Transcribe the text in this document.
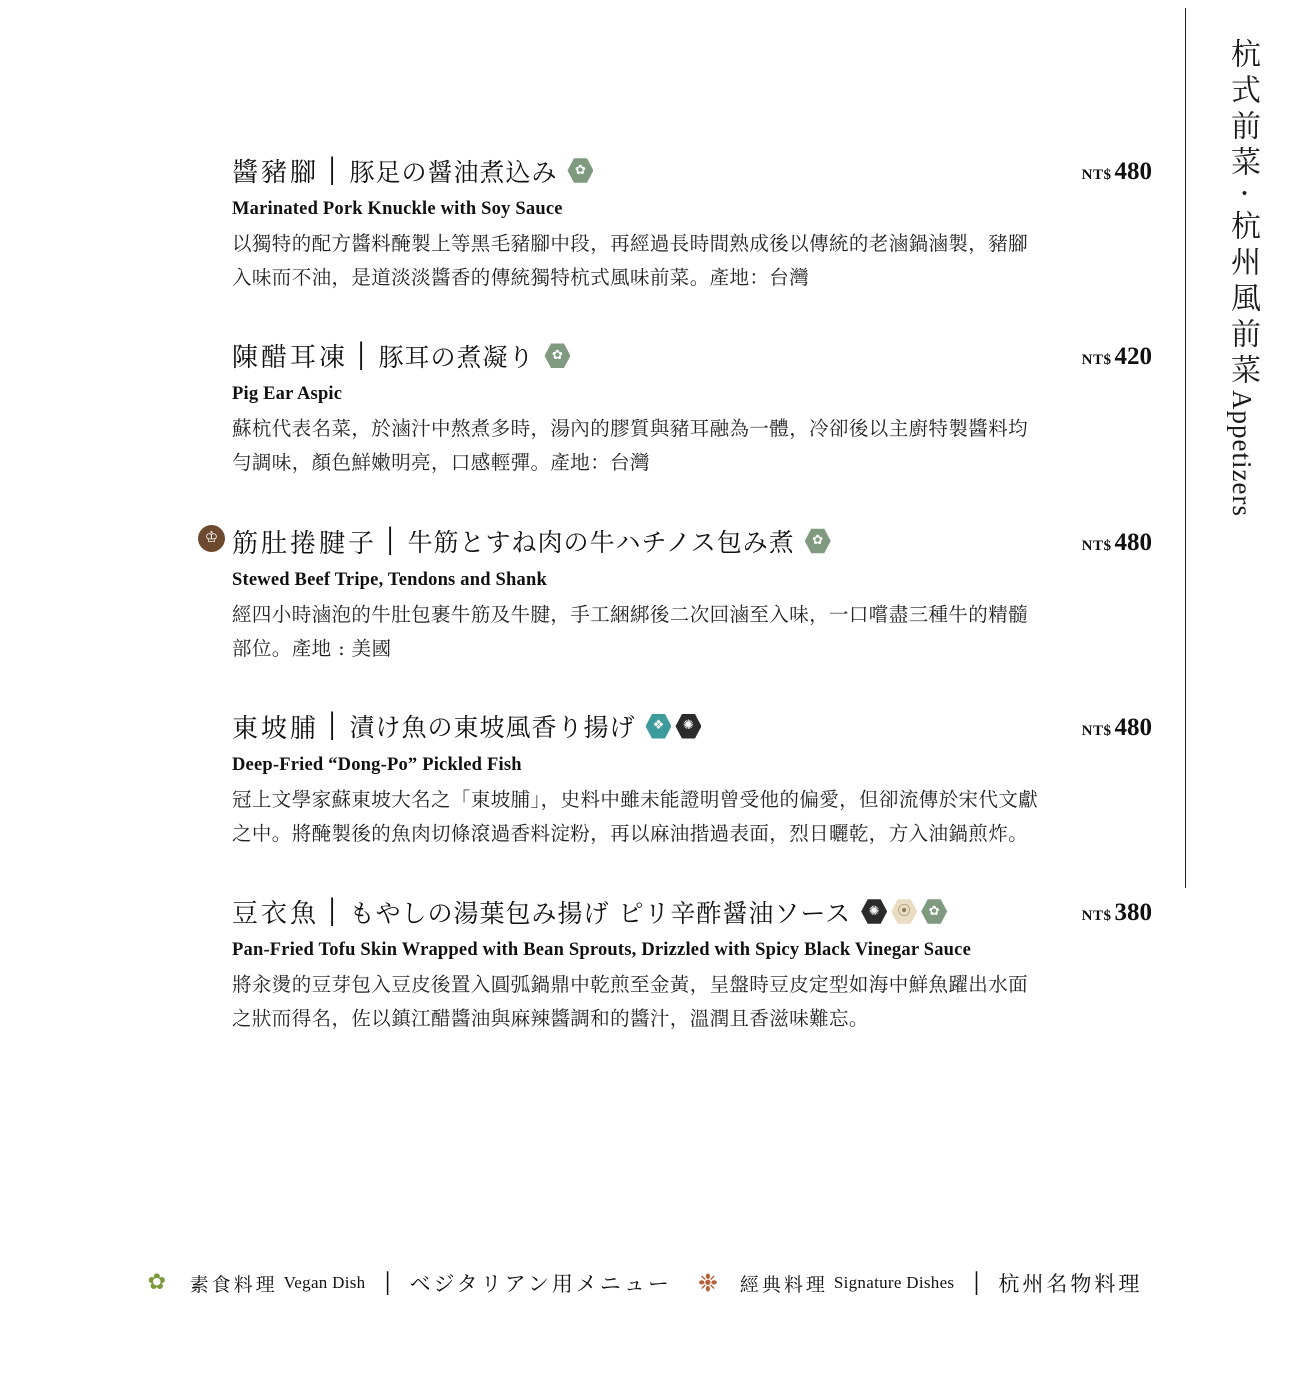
杭式前菜・杭州風前菜Appetizers
醬豬腳 │ 豚足の醤油煮込み	✿	NT$ 480
Marinated Pork Knuckle with Soy Sauce
以獨特的配方醬料醃製上等黑毛豬腳中段，再經過長時間熟成後以傳統的老滷鍋滷製，豬腳入味而不油，是道淡淡醬香的傳統獨特杭式風味前菜。產地：台灣
陳醋耳凍 │ 豚耳の煮凝り	✿	NT$ 420
Pig Ear Aspic
蘇杭代表名菜，於滷汁中熬煮多時，湯內的膠質與豬耳融為一體，冷卻後以主廚特製醬料均勻調味，顏色鮮嫩明亮，口感輕彈。產地：台灣
♔ 筋肚捲腱子 │ 牛筋とすね肉の牛ハチノス包み煮	✿	NT$ 480
Stewed Beef Tripe, Tendons and Shank
經四小時滷泡的牛肚包裹牛筋及牛腱，手工綑綁後二次回滷至入味，一口嚐盡三種牛的精髓部位。產地 : 美國
東坡脯 │ 漬け魚の東坡風香り揚げ	❖	✺	NT$ 480
Deep-Fried “Dong-Po” Pickled Fish
冠上文學家蘇東坡大名之「東坡脯」，史料中雖未能證明曾受他的偏愛，但卻流傳於宋代文獻之中。將醃製後的魚肉切條滾過香料淀粉，再以麻油揩過表面，烈日曬乾，方入油鍋煎炸。
豆衣魚 │ もやしの湯葉包み揚げ ピリ辛酢醤油ソース	✺	⦿	✿	NT$ 380
Pan-Fried Tofu Skin Wrapped with Bean Sprouts, Drizzled with Spicy Black Vinegar Sauce
將汆燙的豆芽包入豆皮後置入圓弧鍋鼎中乾煎至金黃，呈盤時豆皮定型如海中鮮魚躍出水面之狀而得名，佐以鎮江醋醬油與麻辣醬調和的醬汁，溫潤且香滋味難忘。
✿	素食料理 Vegan Dish │ ベジタリアン用メニュー ❉	經典料理 Signature Dishes │ 杭州名物料理
